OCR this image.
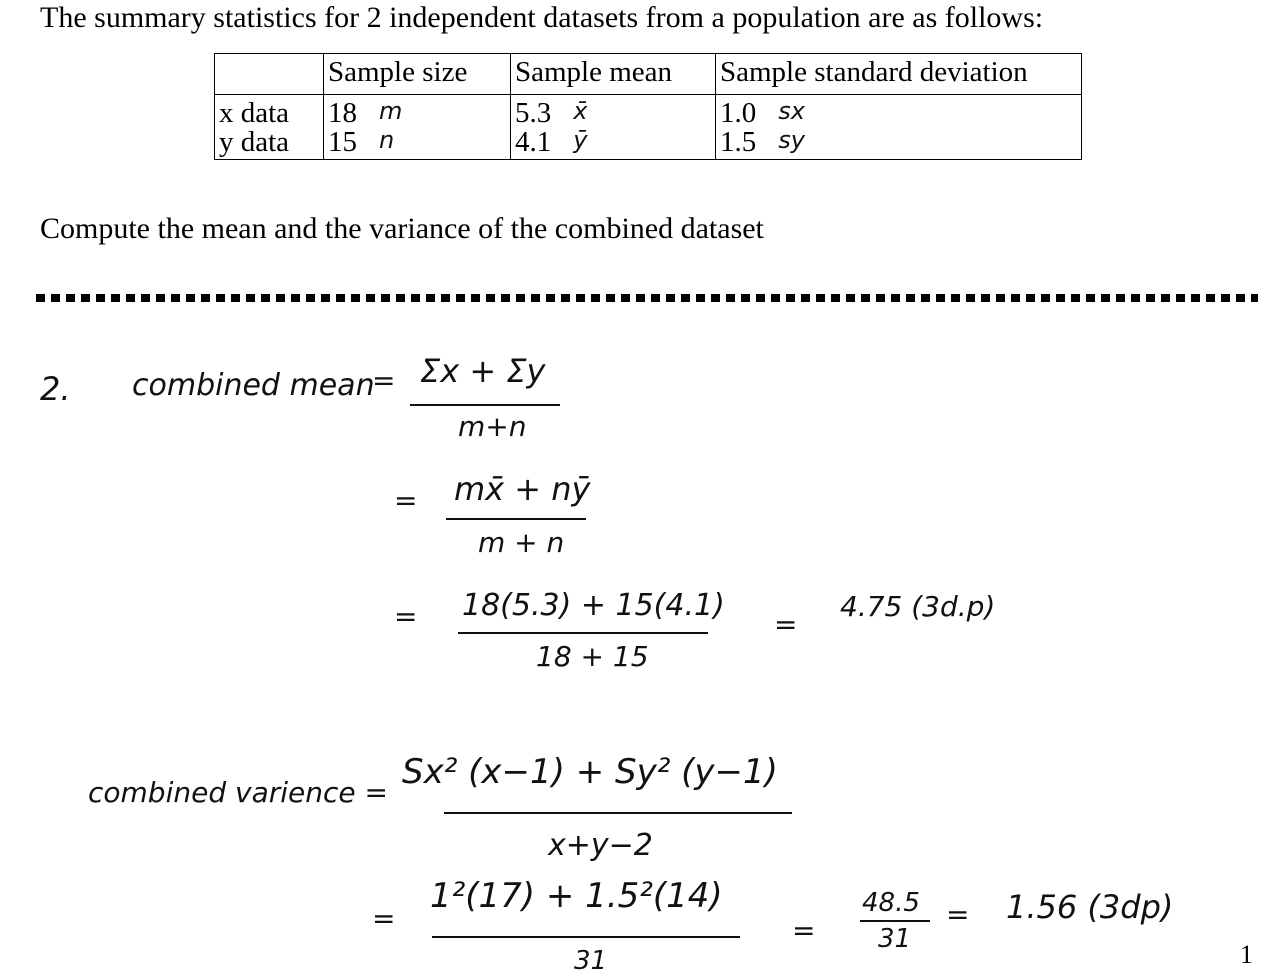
The summary statistics for 2 independent datasets from a population are as follows:
	Sample size	Sample mean	Sample standard deviation
x data	18 m	5.3 x̄	1.0 sx

y data	15 n	4.1 ȳ	1.5 sy
Compute the mean and the variance of the combined dataset
2. combined mean
= Σx + Σy
m+n
= mx̄ + nȳ
m + n
= 18(5.3) + 15(4.1)
18 + 15
=
4.75 (3d.p)
combined varience =
Sx² (x−1) + Sy² (y−1)
x+y−2
=
1²(17) + 1.5²(14)
31
=
48.5
31
= 1.56 (3dp)
1
